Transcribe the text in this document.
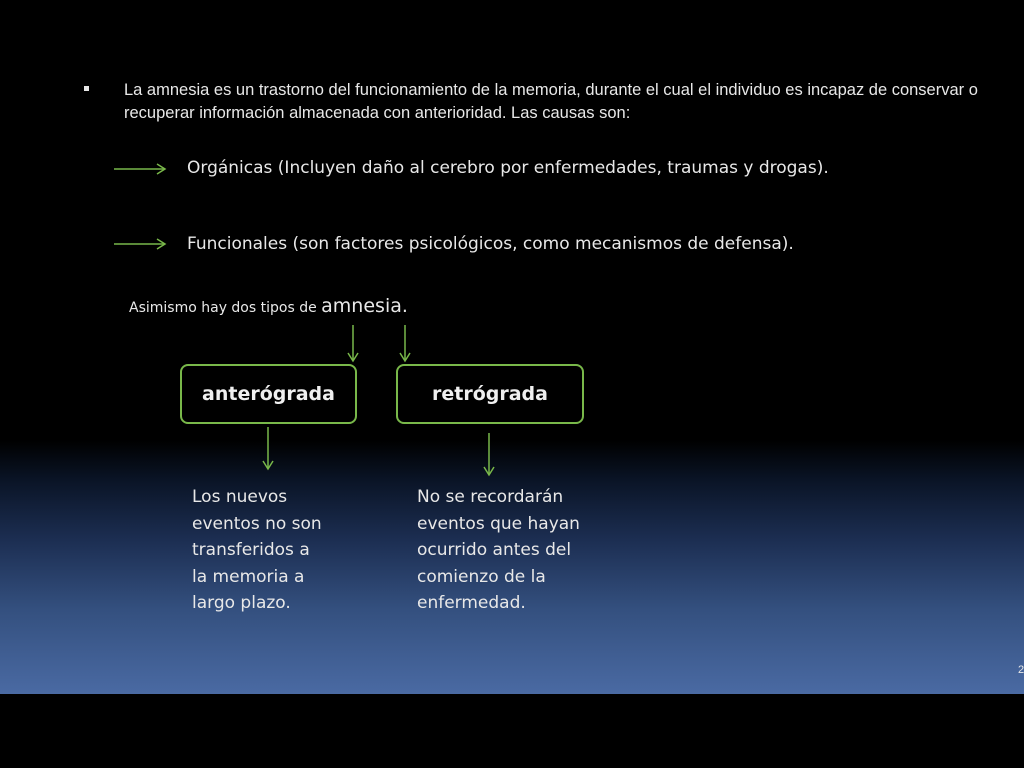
La amnesia es un trastorno del funcionamiento de la memoria, durante el cual el individuo es incapaz de conservar o recuperar información almacenada con anterioridad. Las causas son:
Orgánicas (Incluyen daño al cerebro por enfermedades, traumas y drogas).
Funcionales (son factores psicológicos, como mecanismos de defensa).
Asimismo hay dos tipos de amnesia.
anterógrada	retrógrada
Los nuevos
eventos no son
transferidos a
la memoria a
largo plazo.
No se recordarán
eventos que hayan
ocurrido antes del
comienzo de la
enfermedad.
2
